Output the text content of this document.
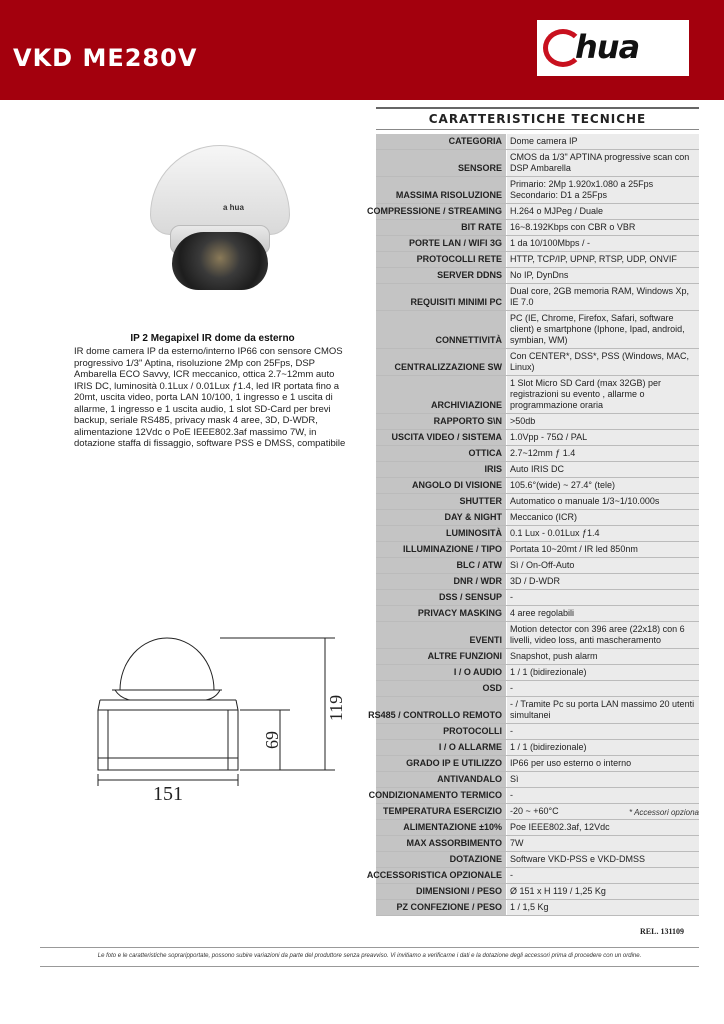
VKD ME280V	hua
a hua
IP 2 Megapixel IR dome da esterno
IR dome camera IP da esterno/interno IP66 con sensore CMOS progressivo 1/3" Aptina, risoluzione 2Mp con 25Fps, DSP Ambarella ECO Savvy, ICR meccanico, ottica 2.7~12mm auto IRIS DC, luminosità 0.1Lux / 0.01Lux ƒ1.4, led IR portata fino a 20mt, uscita video, porta LAN 10/100, 1 ingresso e 1 uscita di allarme, 1 ingresso e 1 uscita audio, 1 slot SD-Card per brevi backup, seriale RS485, privacy mask 4 aree, 3D, D-WDR, alimentazione 12Vdc o PoE IEEE802.3af massimo 7W, in dotazione staffa di fissaggio, software PSS e DMSS, compatibile
151
69
119
CARATTERISTICHE TECNICHE
CATEGORIA Dome camera IP
SENSORE
CMOS da 1/3" APTINA progressive scan con DSP Ambarella
MASSIMA RISOLUZIONE
Primario: 2Mp 1.920x1.080 a 25Fps
Secondario: D1 a 25Fps
COMPRESSIONE / STREAMING H.264 o MJPeg / Duale
BIT RATE 16~8.192Kbps con CBR o VBR
PORTE LAN / WIFI 3G 1 da 10/100Mbps / -
PROTOCOLLI RETE HTTP, TCP/IP, UPNP, RTSP, UDP, ONVIF
SERVER DDNS No IP, DynDns
REQUISITI MINIMI PC
Dual core, 2GB memoria RAM, Windows Xp, IE 7.0
CONNETTIVITÀ
PC (IE, Chrome, Firefox, Safari, software client) e smartphone (Iphone, Ipad, android, symbian, WM)
CENTRALIZZAZIONE SW
Con CENTER*, DSS*, PSS (Windows, MAC, Linux)
ARCHIVIAZIONE
1 Slot Micro SD Card (max 32GB) per registrazioni su evento , allarme o programmazione oraria
RAPPORTO S\N >50db
USCITA VIDEO / SISTEMA 1.0Vpp - 75Ω / PAL
OTTICA 2.7~12mm ƒ 1.4
IRIS Auto IRIS DC
ANGOLO DI VISIONE 105.6°(wide) ~ 27.4° (tele)
SHUTTER Automatico o manuale 1/3~1/10.000s
DAY & NIGHT Meccanico (ICR)
LUMINOSITÀ 0.1 Lux - 0.01Lux ƒ1.4
ILLUMINAZIONE / TIPO Portata 10~20mt / IR led 850nm
BLC / ATW Sì / On-Off-Auto
DNR / WDR 3D / D-WDR
DSS / SENSUP -
PRIVACY MASKING 4 aree regolabili
EVENTI
Motion detector con 396 aree (22x18) con 6 livelli, video loss, anti mascheramento
ALTRE FUNZIONI Snapshot, push alarm
I / O AUDIO 1 / 1 (bidirezionale)
OSD -
RS485 / CONTROLLO REMOTO
- / Tramite Pc su porta LAN massimo 20 utenti simultanei
PROTOCOLLI -
I / O ALLARME 1 / 1 (bidirezionale)
GRADO IP E UTILIZZO IP66 per uso esterno o interno
ANTIVANDALO Sì
CONDIZIONAMENTO TERMICO -
TEMPERATURA ESERCIZIO -20 ~ +60°C
ALIMENTAZIONE ±10% Poe IEEE802.3af, 12Vdc
MAX ASSORBIMENTO 7W
DOTAZIONE Software VKD-PSS e VKD-DMSS
ACCESSORISTICA OPZIONALE -
DIMENSIONI / PESO Ø 151 x H 119 / 1,25 Kg
PZ CONFEZIONE / PESO 1 / 1,5 Kg
* Accessori opziona
REL. 131109
Le foto e le caratteristiche sopraripportate, possono subire variazioni da parte del produttore senza preavviso. Vi invitiamo a verificarne i dati e la dotazione degli accessori prima di procedere con un ordine.
